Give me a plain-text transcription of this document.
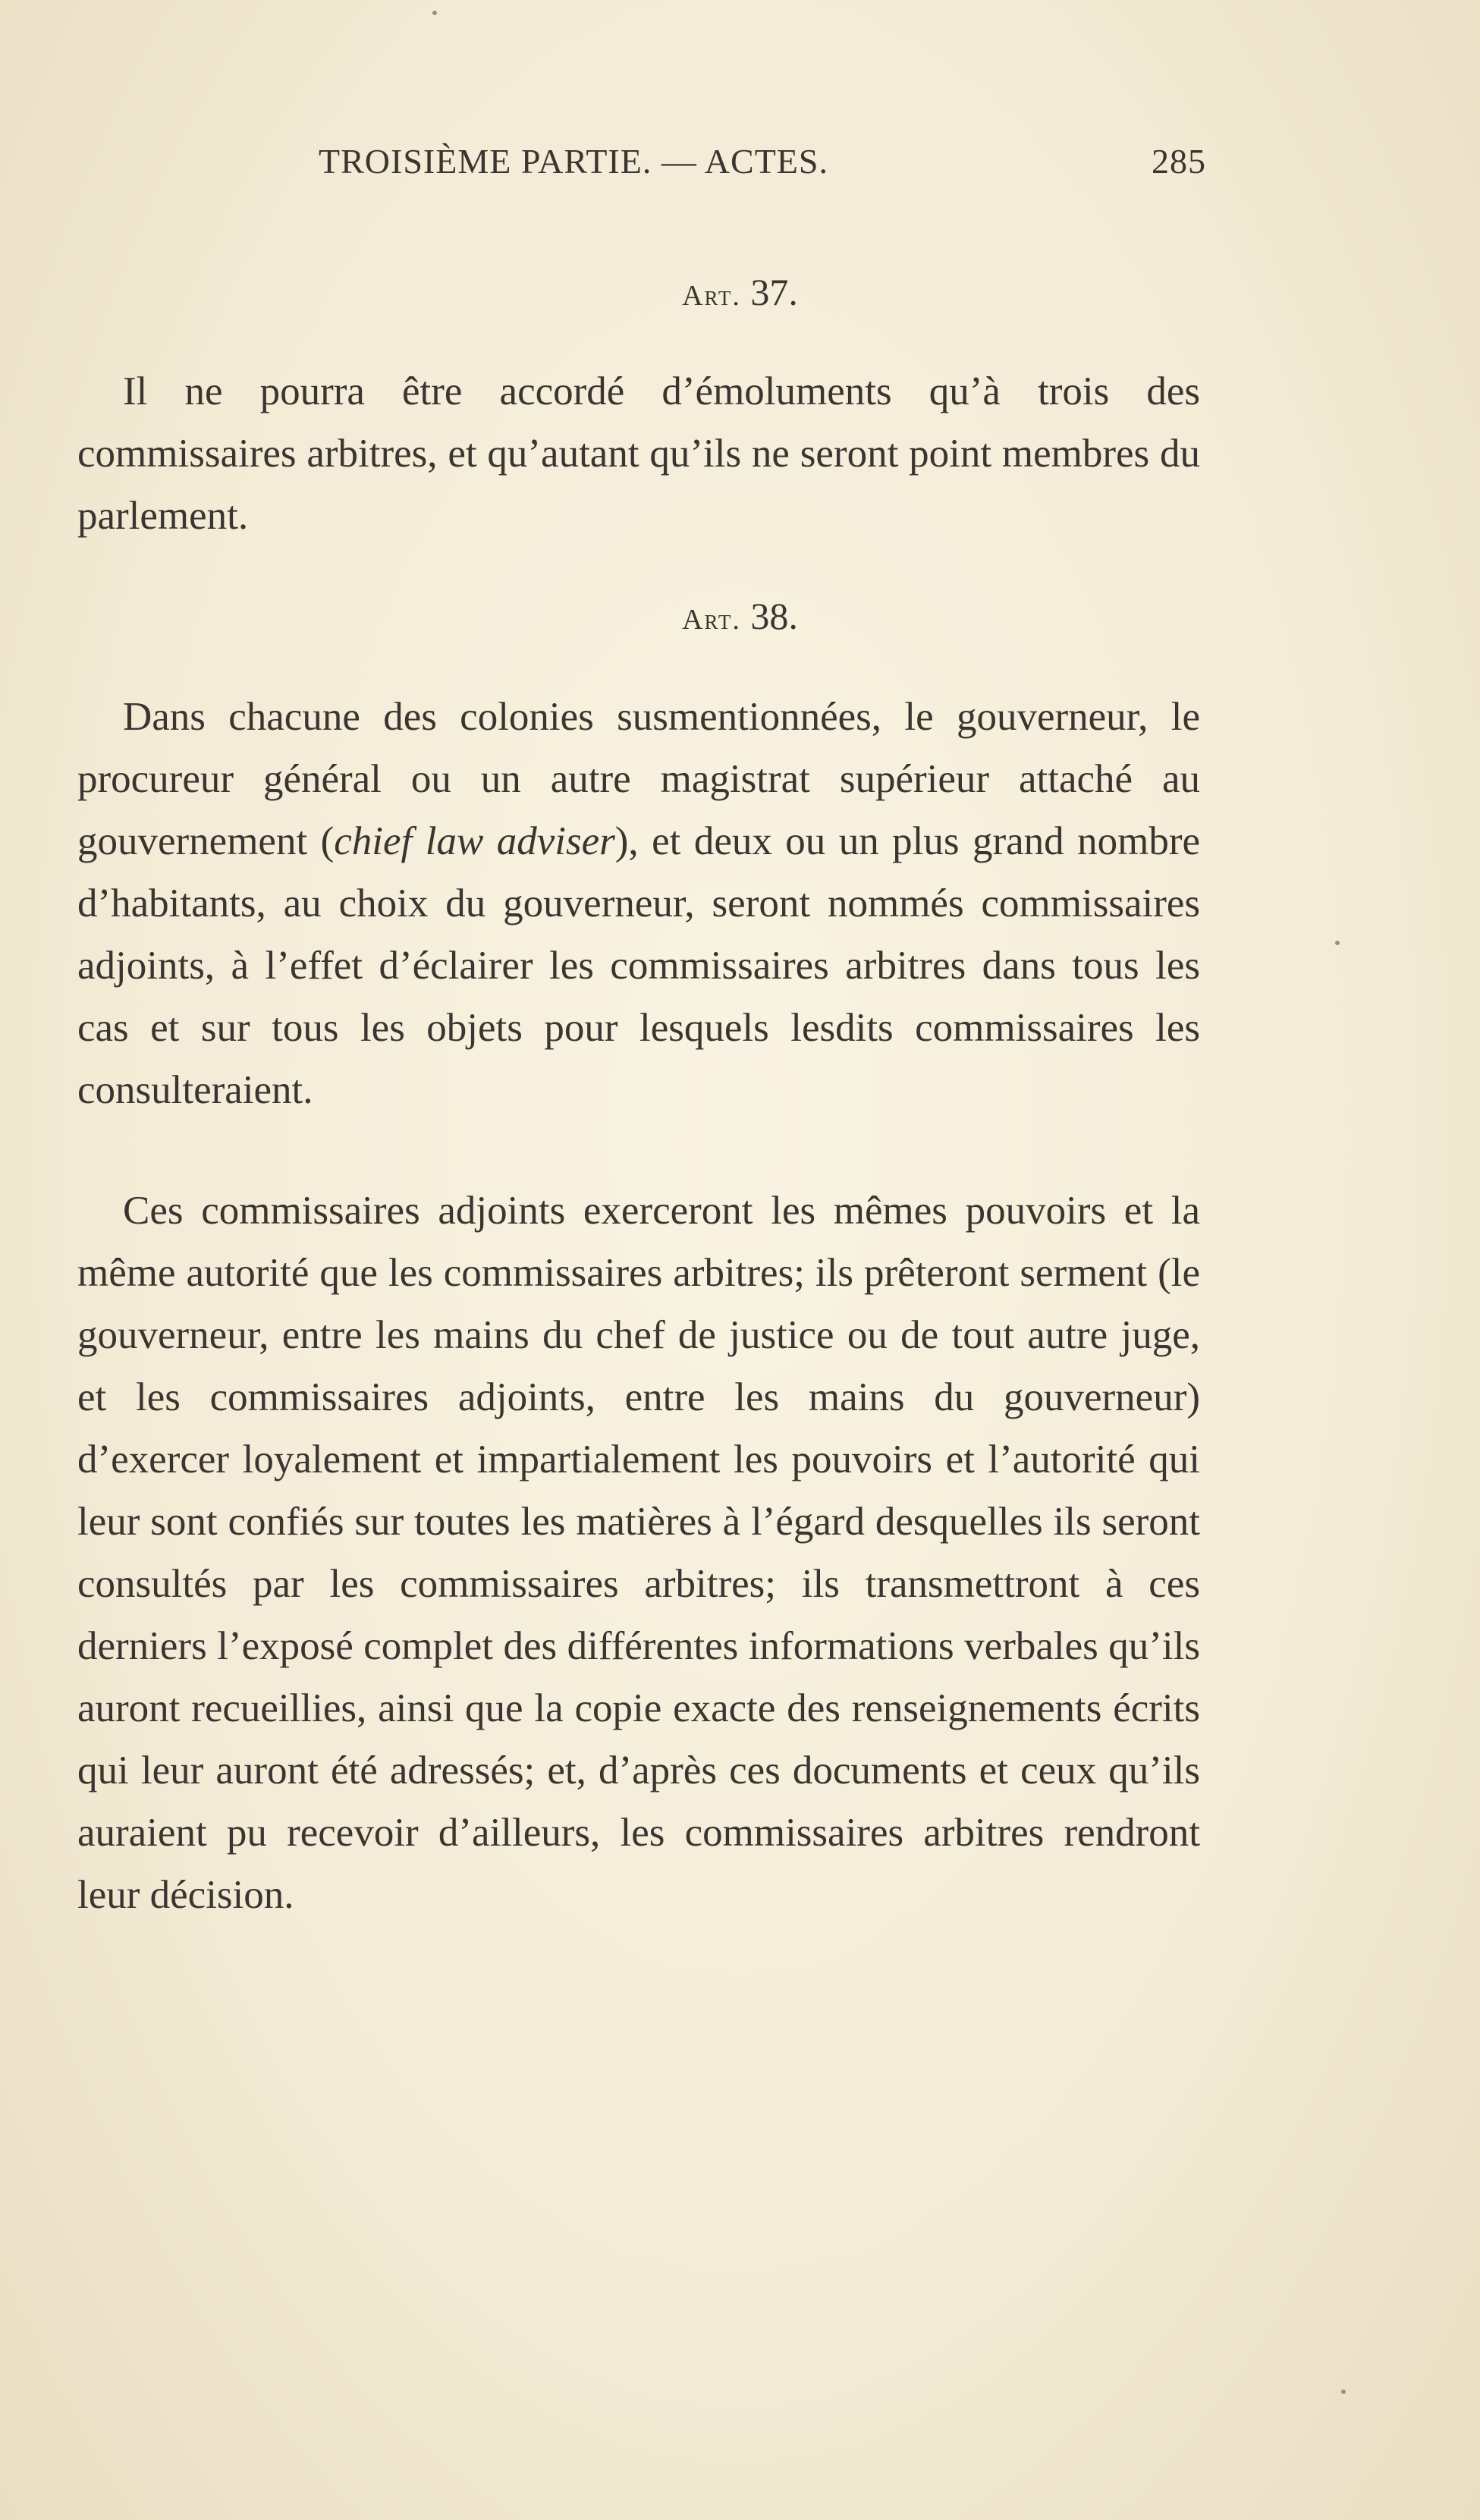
TROISIÈME PARTIE. — ACTES.	285
Art. 37.

Il ne pourra être accordé d’émoluments qu’à trois des commissaires arbitres, et qu’autant qu’ils ne seront point membres du parlement.

Art. 38.

Dans chacune des colonies susmentionnées, le gouverneur, le procureur général ou un autre magistrat supérieur attaché au gouvernement (chief law adviser), et deux ou un plus grand nombre d’habitants, au choix du gouverneur, seront nommés commissaires adjoints, à l’effet d’éclairer les commissaires arbitres dans tous les cas et sur tous les objets pour lesquels lesdits commissaires les consulteraient.

Ces commissaires adjoints exerceront les mêmes pouvoirs et la même autorité que les commissaires arbitres; ils prêteront serment (le gouverneur, entre les mains du chef de justice ou de tout autre juge, et les commissaires adjoints, entre les mains du gouverneur) d’exercer loyalement et impartialement les pouvoirs et l’autorité qui leur sont confiés sur toutes les matières à l’égard desquelles ils seront consultés par les commissaires arbitres; ils transmettront à ces derniers l’exposé complet des différentes informations verbales qu’ils auront recueillies, ainsi que la copie exacte des renseignements écrits qui leur auront été adressés; et, d’après ces documents et ceux qu’ils auraient pu recevoir d’ailleurs, les commissaires arbitres rendront leur décision.
